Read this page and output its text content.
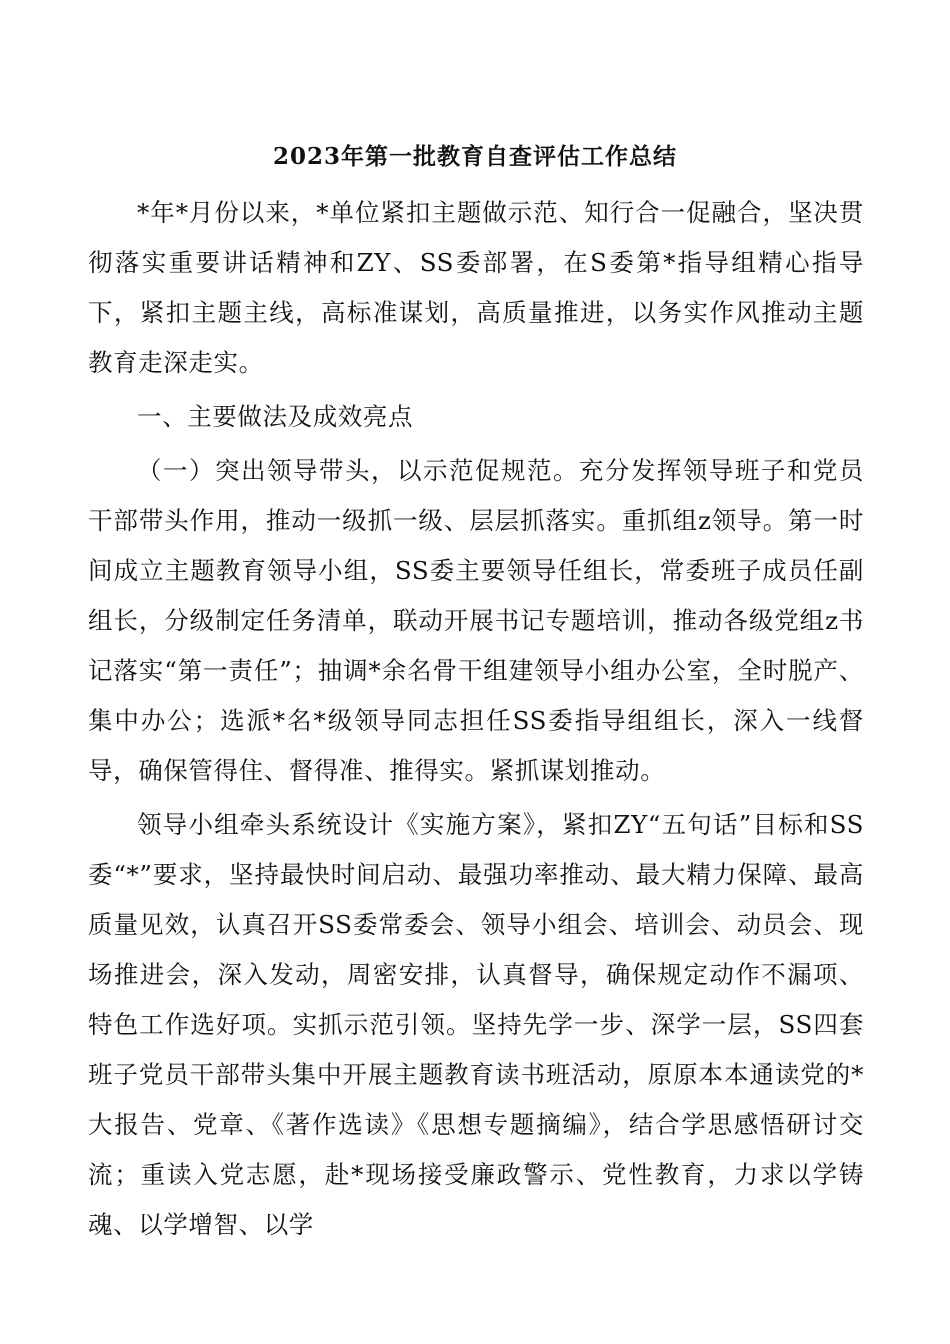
2023年第一批教育自查评估工作总结

*年*月份以来，*单位紧扣主题做示范、知行合一促融合，坚决贯彻落实重要讲话精神和ZY、SS委部署，在S委第*指导组精心指导下，紧扣主题主线，高标准谋划，高质量推进，以务实作风推动主题教育走深走实。

一、主要做法及成效亮点

（一）突出领导带头，以示范促规范。充分发挥领导班子和党员干部带头作用，推动一级抓一级、层层抓落实。重抓组z领导。第一时间成立主题教育领导小组，SS委主要领导任组长，常委班子成员任副组长，分级制定任务清单，联动开展书记专题培训，推动各级党组z书记落实“第一责任”；抽调*余名骨干组建领导小组办公室，全时脱产、集中办公；选派*名*级领导同志担任SS委指导组组长，深入一线督导，确保管得住、督得准、推得实。紧抓谋划推动。

领导小组牵头系统设计《实施方案》，紧扣ZY“五句话”目标和SS委“*”要求，坚持最快时间启动、最强功率推动、最大精力保障、最高质量见效，认真召开SS委常委会、领导小组会、培训会、动员会、现场推进会，深入发动，周密安排，认真督导，确保规定动作不漏项、特色工作选好项。实抓示范引领。坚持先学一步、深学一层，SS四套班子党员干部带头集中开展主题教育读书班活动，原原本本通读党的*大报告、党章、《著作选读》《思想专题摘编》，结合学思感悟研讨交流；重读入党志愿，赴*现场接受廉政警示、党性教育，力求以学铸魂、以学增智、以学
